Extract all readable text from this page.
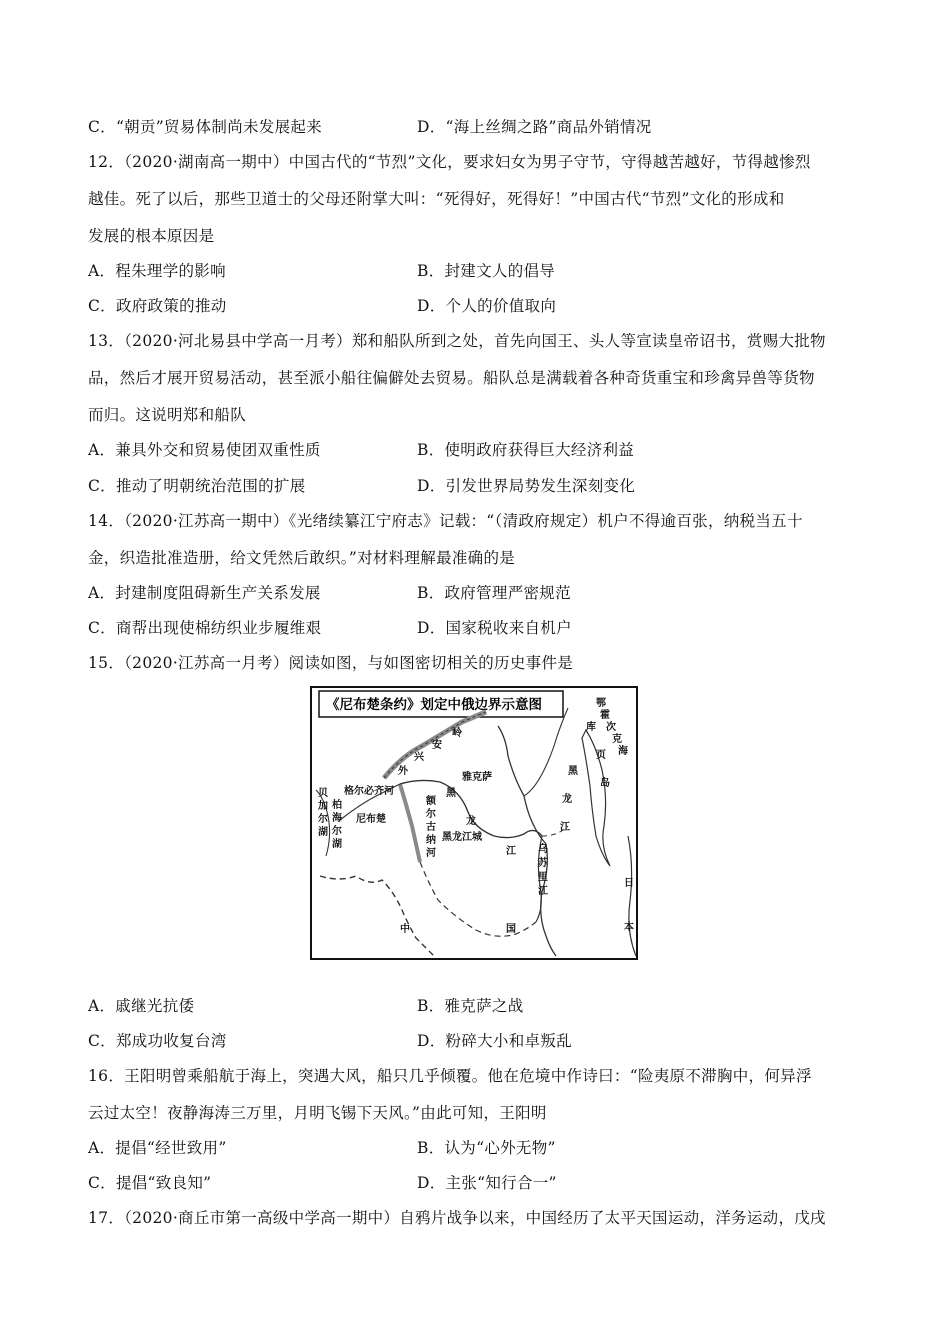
C．“朝贡”贸易体制尚未发展起来	D．“海上丝绸之路”商品外销情况
12．（2020·湖南高一期中）中国古代的“节烈”文化，要求妇女为男子守节，守得越苦越好，节得越惨烈
越佳。死了以后，那些卫道士的父母还附掌大叫：“死得好，死得好！”中国古代“节烈”文化的形成和
发展的根本原因是
A．程朱理学的影响	B．封建文人的倡导
C．政府政策的推动	D．个人的价值取向
13．（2020·河北易县中学高一月考）郑和船队所到之处，首先向国王、头人等宣读皇帝诏书，赏赐大批物
品，然后才展开贸易活动，甚至派小船往偏僻处去贸易。船队总是满载着各种奇货重宝和珍禽异兽等货物
而归。这说明郑和船队
A．兼具外交和贸易使团双重性质	B．使明政府获得巨大经济利益
C．推动了明朝统治范围的扩展	D．引发世界局势发生深刻变化
14．（2020·江苏高一期中）《光绪续纂江宁府志》记载：“（清政府规定）机户不得逾百张，纳税当五十
金，织造批准造册，给文凭然后敢织。”对材料理解最准确的是
A．封建制度阻碍新生产关系发展	B．政府管理严密规范
C．商帮出现使棉纺织业步履维艰	D．国家税收来自机户
15．（2020·江苏高一月考）阅读如图，与如图密切相关的历史事件是
《尼布楚条约》划定中俄边界示意图
贝
加
尔
湖
柏
海
尔
湖
格尔必齐河
尼布楚
额
尔
古
纳
河
外
兴
安
岭
雅克萨
黑
龙
黑龙江城
江
黑
龙
江
乌
苏
里
江
库
页
岛
鄂
霍
次
克
海
中	国
日
本
A．戚继光抗倭	B．雅克萨之战
C．郑成功收复台湾	D．粉碎大小和卓叛乱
16．王阳明曾乘船航于海上，突遇大风，船只几乎倾覆。他在危境中作诗曰：“险夷原不滞胸中，何异浮
云过太空！夜静海涛三万里，月明飞锡下天风。”由此可知，王阳明
A．提倡“经世致用”	B．认为“心外无物”
C．提倡“致良知”	D．主张“知行合一”
17．（2020·商丘市第一高级中学高一期中）自鸦片战争以来，中国经历了太平天国运动，洋务运动，戊戌
